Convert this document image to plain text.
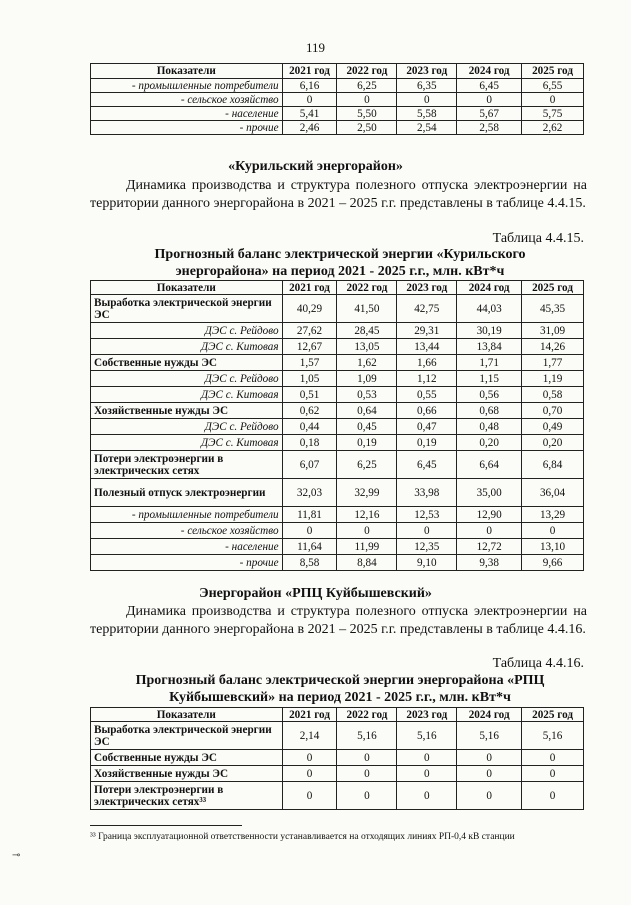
119
Показатели	2021 год	2022 год	2023 год	2024 год	2025 год
- промышленные потребители	6,16	6,25	6,35	6,45	6,55
- сельское хозяйство	0	0	0	0	0
- население	5,41	5,50	5,58	5,67	5,75
- прочие	2,46	2,50	2,54	2,58	2,62
«Курильский энергорайон»
Динамика производства и структура полезного отпуска электроэнергии на территории данного энергорайона в 2021 – 2025 г.г. представлены в таблице 4.4.15.
Таблица 4.4.15.
Прогнозный баланс электрической энергии «Курильского энергорайона» на период 2021 - 2025 г.г., млн. кВт*ч
Показатели	2021 год	2022 год	2023 год	2024 год	2025 год
Выработка электрической энергии ЭС	40,29	41,50	42,75	44,03	45,35
ДЭС с. Рейдово	27,62	28,45	29,31	30,19	31,09
ДЭС с. Китовая	12,67	13,05	13,44	13,84	14,26
Собственные нужды ЭС	1,57	1,62	1,66	1,71	1,77
ДЭС с. Рейдово	1,05	1,09	1,12	1,15	1,19
ДЭС с. Китовая	0,51	0,53	0,55	0,56	0,58
Хозяйственные нужды ЭС	0,62	0,64	0,66	0,68	0,70
ДЭС с. Рейдово	0,44	0,45	0,47	0,48	0,49
ДЭС с. Китовая	0,18	0,19	0,19	0,20	0,20
Потери электроэнергии в электрических сетях	6,07	6,25	6,45	6,64	6,84
Полезный отпуск электроэнергии	32,03	32,99	33,98	35,00	36,04
- промышленные потребители	11,81	12,16	12,53	12,90	13,29
- сельское хозяйство	0	0	0	0	0
- население	11,64	11,99	12,35	12,72	13,10
- прочие	8,58	8,84	9,10	9,38	9,66
Энергорайон «РПЦ Куйбышевский»
Динамика производства и структура полезного отпуска электроэнергии на территории данного энергорайона в 2021 – 2025 г.г. представлены в таблице 4.4.16.
Таблица 4.4.16.
Прогнозный баланс электрической энергии энергорайона «РПЦ Куйбышевский» на период 2021 - 2025 г.г., млн. кВт*ч
Показатели	2021 год	2022 год	2023 год	2024 год	2025 год
Выработка электрической энергии ЭС	2,14	5,16	5,16	5,16	5,16
Собственные нужды ЭС	0	0	0	0	0
Хозяйственные нужды ЭС	0	0	0	0	0
Потери электроэнергии в электрических сетях³³	0	0	0	0	0
³³ Граница эксплуатационной ответственности устанавливается на отходящих линиях РП-0,4 кВ станции
⊸
